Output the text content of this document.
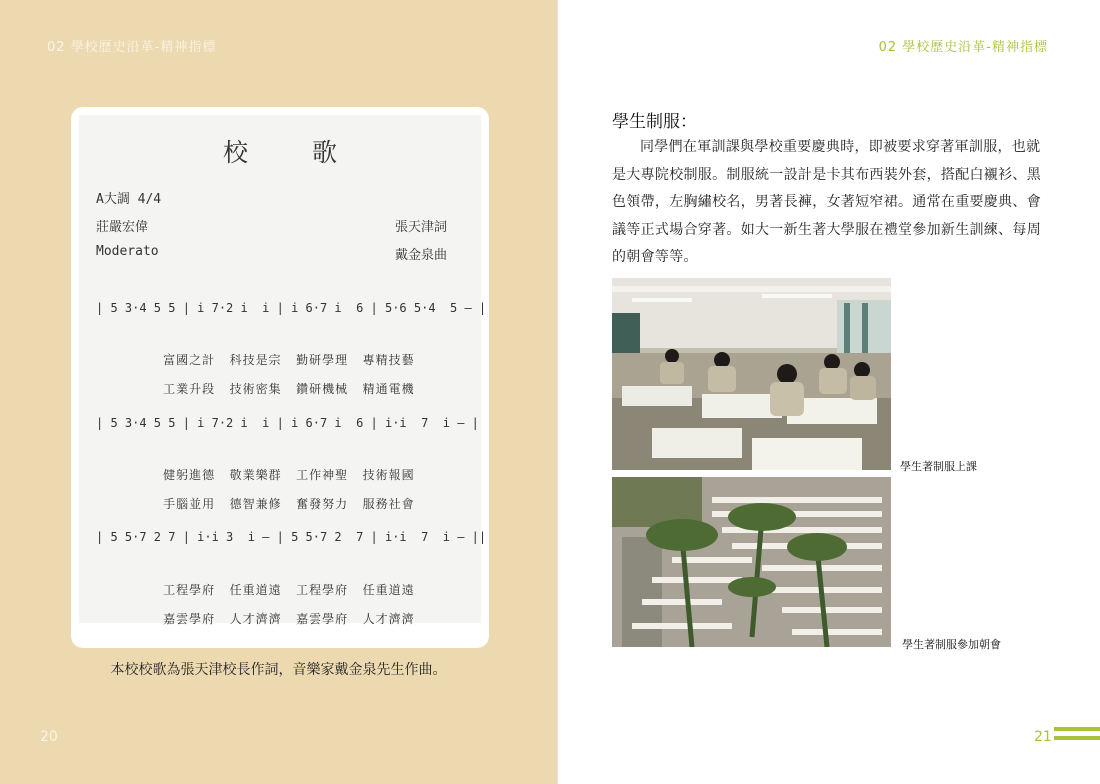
02 學校歷史沿革-精神指標
校 歌
A大調 4/4
莊嚴宏偉
Moderato
張天津詞
戴金泉曲
| 5 3·4 5 5 | i 7·2 i  i | i 6·7 i  6 | 5·6 5·4  5 — |

富國之計 科技是宗 勤研學理 專精技藝

工業升段 技術密集 鑽研機械 精通電機

| 5 3·4 5 5 | i 7·2 i  i | i 6·7 i  6 | i·i  7  i — |

健躬進德 敬業樂群 工作神聖 技術報國

手腦並用 德智兼修 奮發努力 服務社會

| 5 5·7 2 7 | i·i 3  i — | 5 5·7 2  7 | i·i  7  i — ||

工程學府 任重道遠 工程學府 任重道遠

嘉雲學府 人才濟濟 嘉雲學府 人才濟濟

本校校歌為張天津校長作詞，音樂家戴金泉先生作曲。
20
02 學校歷史沿革-精神指標
學生制服：
同學們在軍訓課與學校重要慶典時，即被要求穿著軍訓服，也就是大專院校制服。制服統一設計是卡其布西裝外套，搭配白襯衫、黑色領帶，左胸繡校名，男著長褲，女著短窄裙。通常在重要慶典、會議等正式場合穿著。如大一新生著大學服在禮堂參加新生訓練、每周的朝會等等。
學生著制服上課
學生著制服參加朝會
21
